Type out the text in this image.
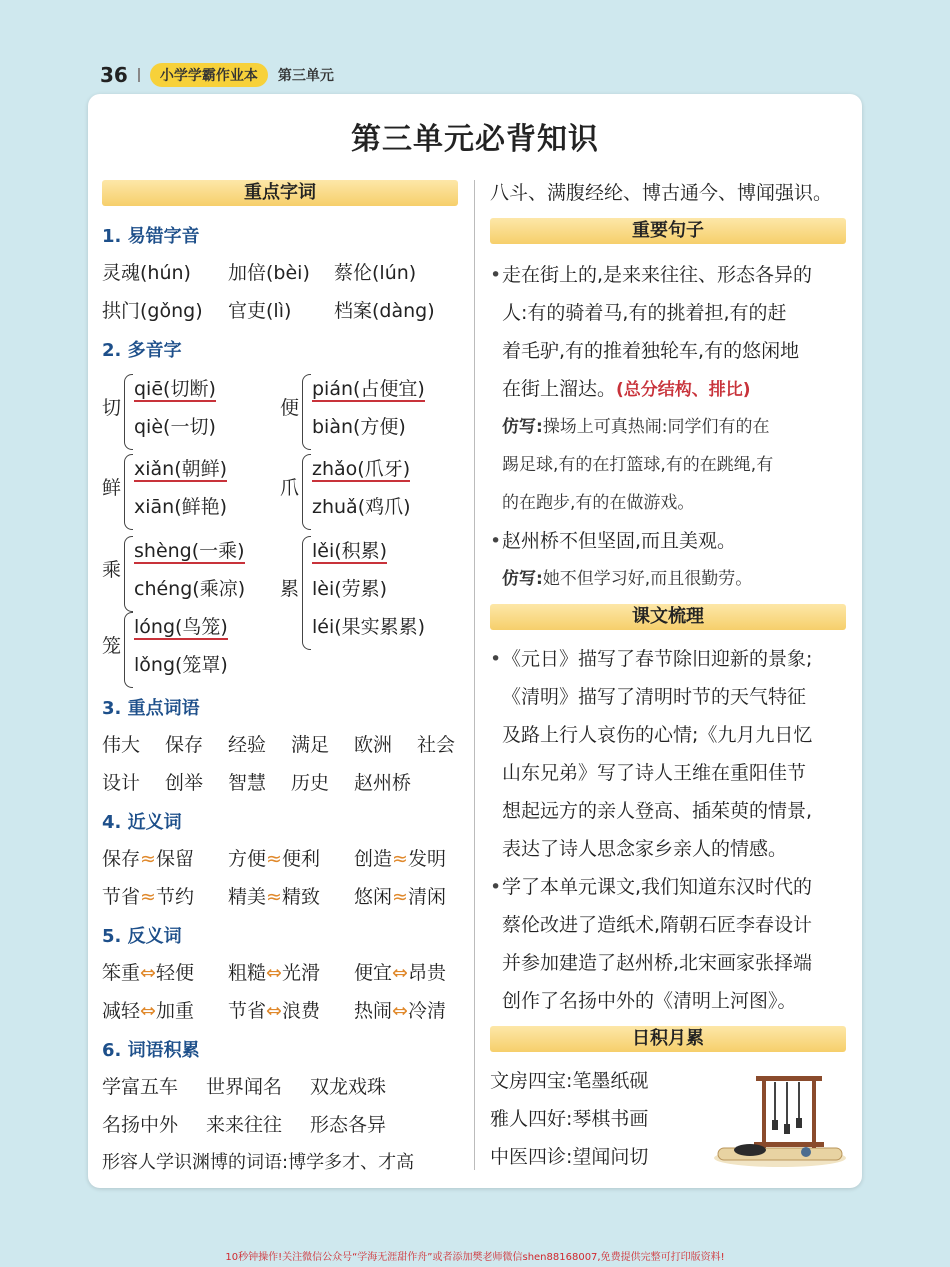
36	小学学霸作业本	第三单元
第三单元必背知识
重点字词
1. 易错字音
灵魂(hún) 加倍(bèi) 蔡伦(lún)
拱门(gǒng) 官吏(lì) 档案(dàng)
2. 多音字
切
qiē(切断)
qiè(一切)
便
pián(占便宜)
biàn(方便)
鲜
xiǎn(朝鲜)
xiān(鲜艳)
爪
zhǎo(爪牙)
zhuǎ(鸡爪)
乘
shèng(一乘)
chéng(乘凉) 累
lěi(积累)
lèi(劳累)
léi(果实累累)
笼
lóng(鸟笼)
lǒng(笼罩)
3. 重点词语
伟大 保存 经验 满足 欧洲 社会
设计 创举 智慧 历史 赵州桥
4. 近义词
保存≈保留 方便≈便利 创造≈发明
节省≈节约 精美≈精致 悠闲≈清闲
5. 反义词
笨重⇔轻便 粗糙⇔光滑 便宜⇔昂贵
减轻⇔加重 节省⇔浪费 热闹⇔冷清
6. 词语积累
学富五车 世界闻名 双龙戏珠
名扬中外 来来往往 形态各异
形容人学识渊博的词语:博学多才、才高
八斗、满腹经纶、博古通今、博闻强识。
重要句子
• 走在街上的,是来来往往、形态各异的
人:有的骑着马,有的挑着担,有的赶
着毛驴,有的推着独轮车,有的悠闲地
在街上溜达。(总分结构、排比)
仿写:操场上可真热闹:同学们有的在
踢足球,有的在打篮球,有的在跳绳,有
的在跑步,有的在做游戏。
• 赵州桥不但坚固,而且美观。
仿写:她不但学习好,而且很勤劳。
课文梳理
• 《元日》描写了春节除旧迎新的景象;
《清明》描写了清明时节的天气特征
及路上行人哀伤的心情;《九月九日忆
山东兄弟》写了诗人王维在重阳佳节
想起远方的亲人登高、插茱萸的情景,
表达了诗人思念家乡亲人的情感。
• 学了本单元课文,我们知道东汉时代的
蔡伦改进了造纸术,隋朝石匠李春设计
并参加建造了赵州桥,北宋画家张择端
创作了名扬中外的《清明上河图》。
日积月累
文房四宝:笔墨纸砚
雅人四好:琴棋书画
中医四诊:望闻问切
10秒钟操作!关注微信公众号“学海无涯甜作舟”或者添加樊老师微信shen88168007,免费提供完整可打印版资料!
